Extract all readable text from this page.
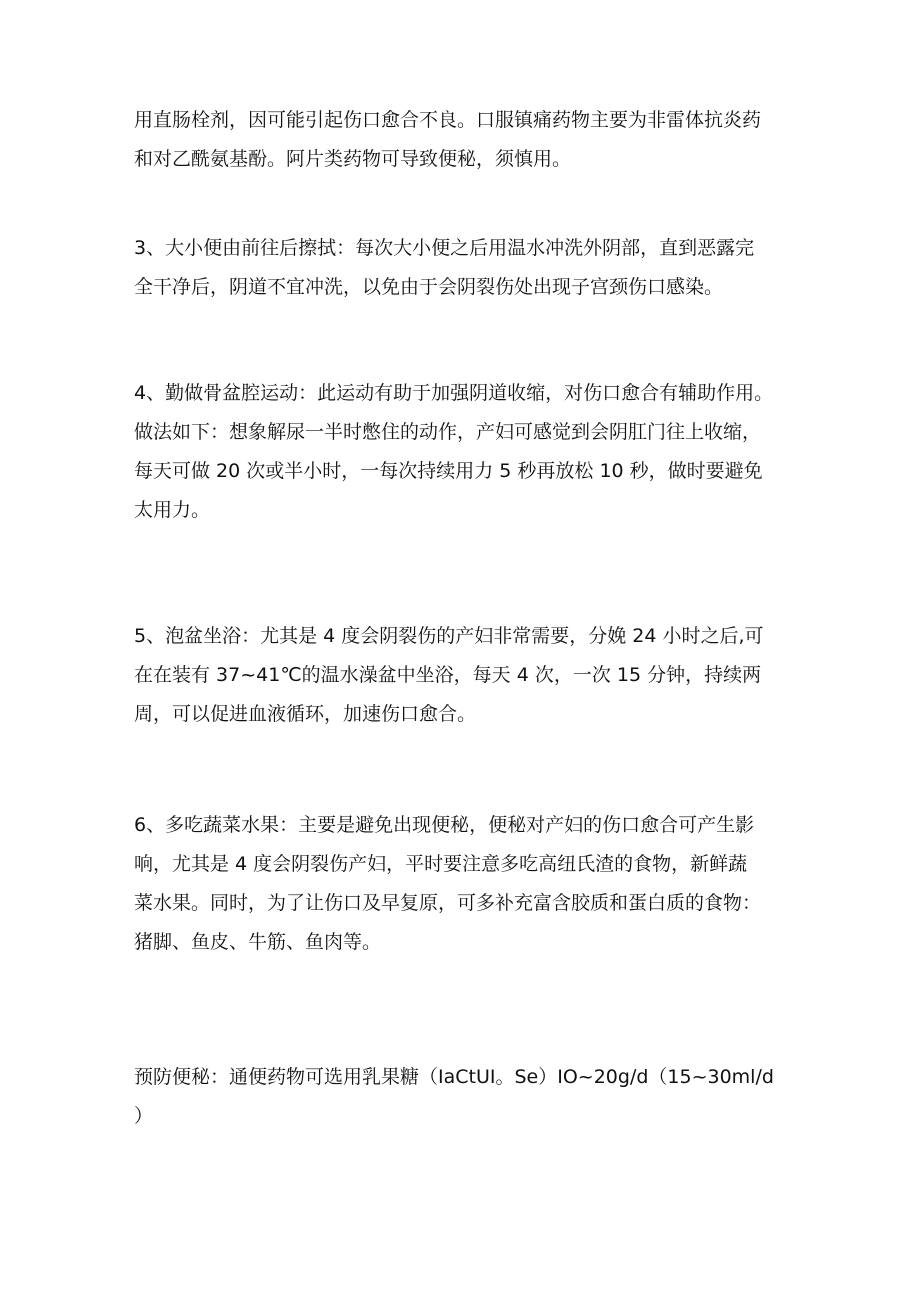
用直肠栓剂，因可能引起伤口愈合不良。口服镇痛药物主要为非雷体抗炎药
和对乙酰氨基酚。阿片类药物可导致便秘，须慎用。

3、大小便由前往后擦拭：每次大小便之后用温水冲洗外阴部，直到恶露完
全干净后，阴道不宜冲洗，以免由于会阴裂伤处出现子宫颈伤口感染。

4、勤做骨盆腔运动：此运动有助于加强阴道收缩，对伤口愈合有辅助作用。
做法如下：想象解尿一半时憋住的动作，产妇可感觉到会阴肛门往上收缩，
每天可做 20 次或半小时，一每次持续用力 5 秒再放松 10 秒，做时要避免
太用力。

5、泡盆坐浴：尤其是 4 度会阴裂伤的产妇非常需要，分娩 24 小时之后,可
在在装有 37~41℃的温水澡盆中坐浴，每天 4 次，一次 15 分钟，持续两
周，可以促进血液循环，加速伤口愈合。

6、多吃蔬菜水果：主要是避免出现便秘，便秘对产妇的伤口愈合可产生影
响，尤其是 4 度会阴裂伤产妇，平时要注意多吃高纽氏渣的食物，新鲜蔬
菜水果。同时，为了让伤口及早复原，可多补充富含胶质和蛋白质的食物：
猪脚、鱼皮、牛筋、鱼肉等。

预防便秘：通便药物可选用乳果糖（IaCtUI。Se）IO~20g∕d（15~30ml∕d
）
